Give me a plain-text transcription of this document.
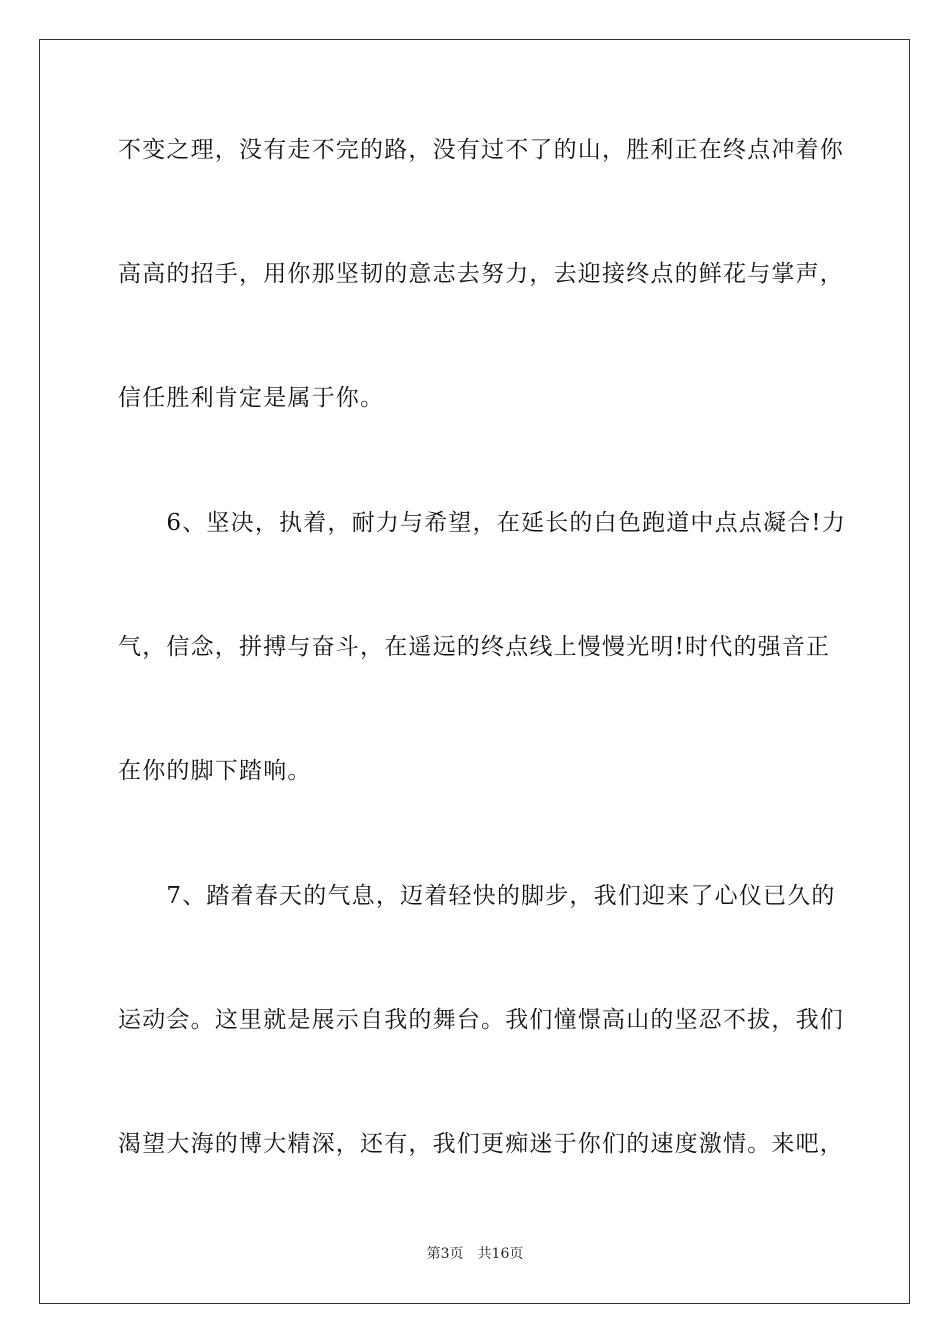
不变之理，没有走不完的路，没有过不了的山，胜利正在终点冲着你
高高的招手，用你那坚韧的意志去努力，去迎接终点的鲜花与掌声，
信任胜利肯定是属于你。
　　6、坚决，执着，耐力与希望，在延长的白色跑道中点点凝合!力
气，信念，拼搏与奋斗，在遥远的终点线上慢慢光明!时代的强音正
在你的脚下踏响。
　　7、踏着春天的气息，迈着轻快的脚步，我们迎来了心仪已久的
运动会。这里就是展示自我的舞台。我们憧憬高山的坚忍不拔，我们
渴望大海的博大精深，还有，我们更痴迷于你们的速度激情。来吧，
第3页 共16页
